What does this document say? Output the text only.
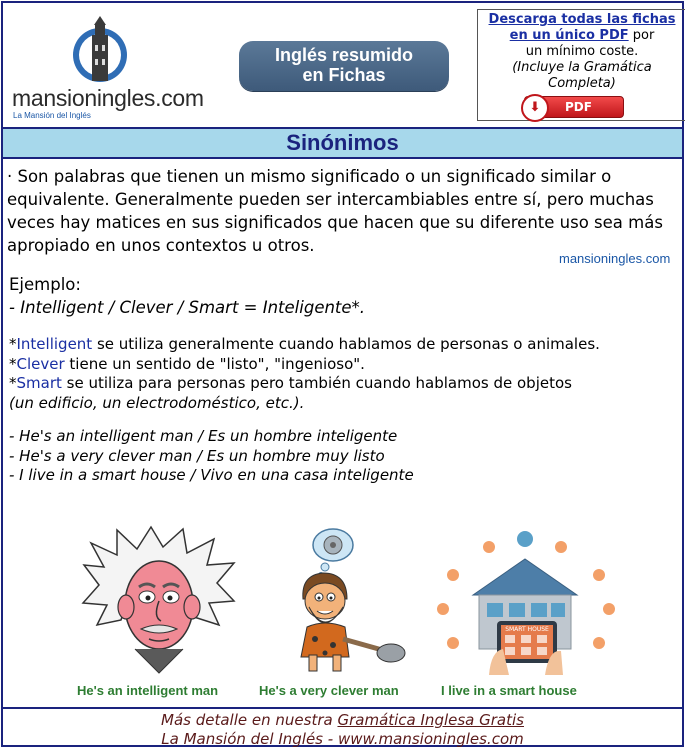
mansioningles.com
La Mansión del Inglés
Inglés resumido
en Fichas
Descarga todas las fichas
en un único PDF por
un mínimo coste.
(Incluye la Gramática
Completa)
⬇	PDF
Sinónimos

· Son palabras que tienen un mismo significado o un significado similar o equivalente. Generalmente pueden ser intercambiables entre sí, pero muchas veces hay matices en sus significados que hacen que su diferente uso sea más apropiado en unos contextos u otros.

mansioningles.com
Ejemplo:
- Intelligent / Clever / Smart = Inteligente*.
*Intelligent se utiliza generalmente cuando hablamos de personas o animales.
*Clever tiene un sentido de "listo", "ingenioso".
*Smart se utiliza para personas pero también cuando hablamos de objetos
(un edificio, un electrodoméstico, etc.).
- He's an intelligent man / Es un hombre inteligente
- He's a very clever man / Es un hombre muy listo
- I live in a smart house / Vivo en una casa inteligente
SMART HOUSE
He's an intelligent man	He's a very clever man	I live in a smart house
Más detalle en nuestra Gramática Inglesa Gratis
La Mansión del Inglés - www.mansioningles.com
